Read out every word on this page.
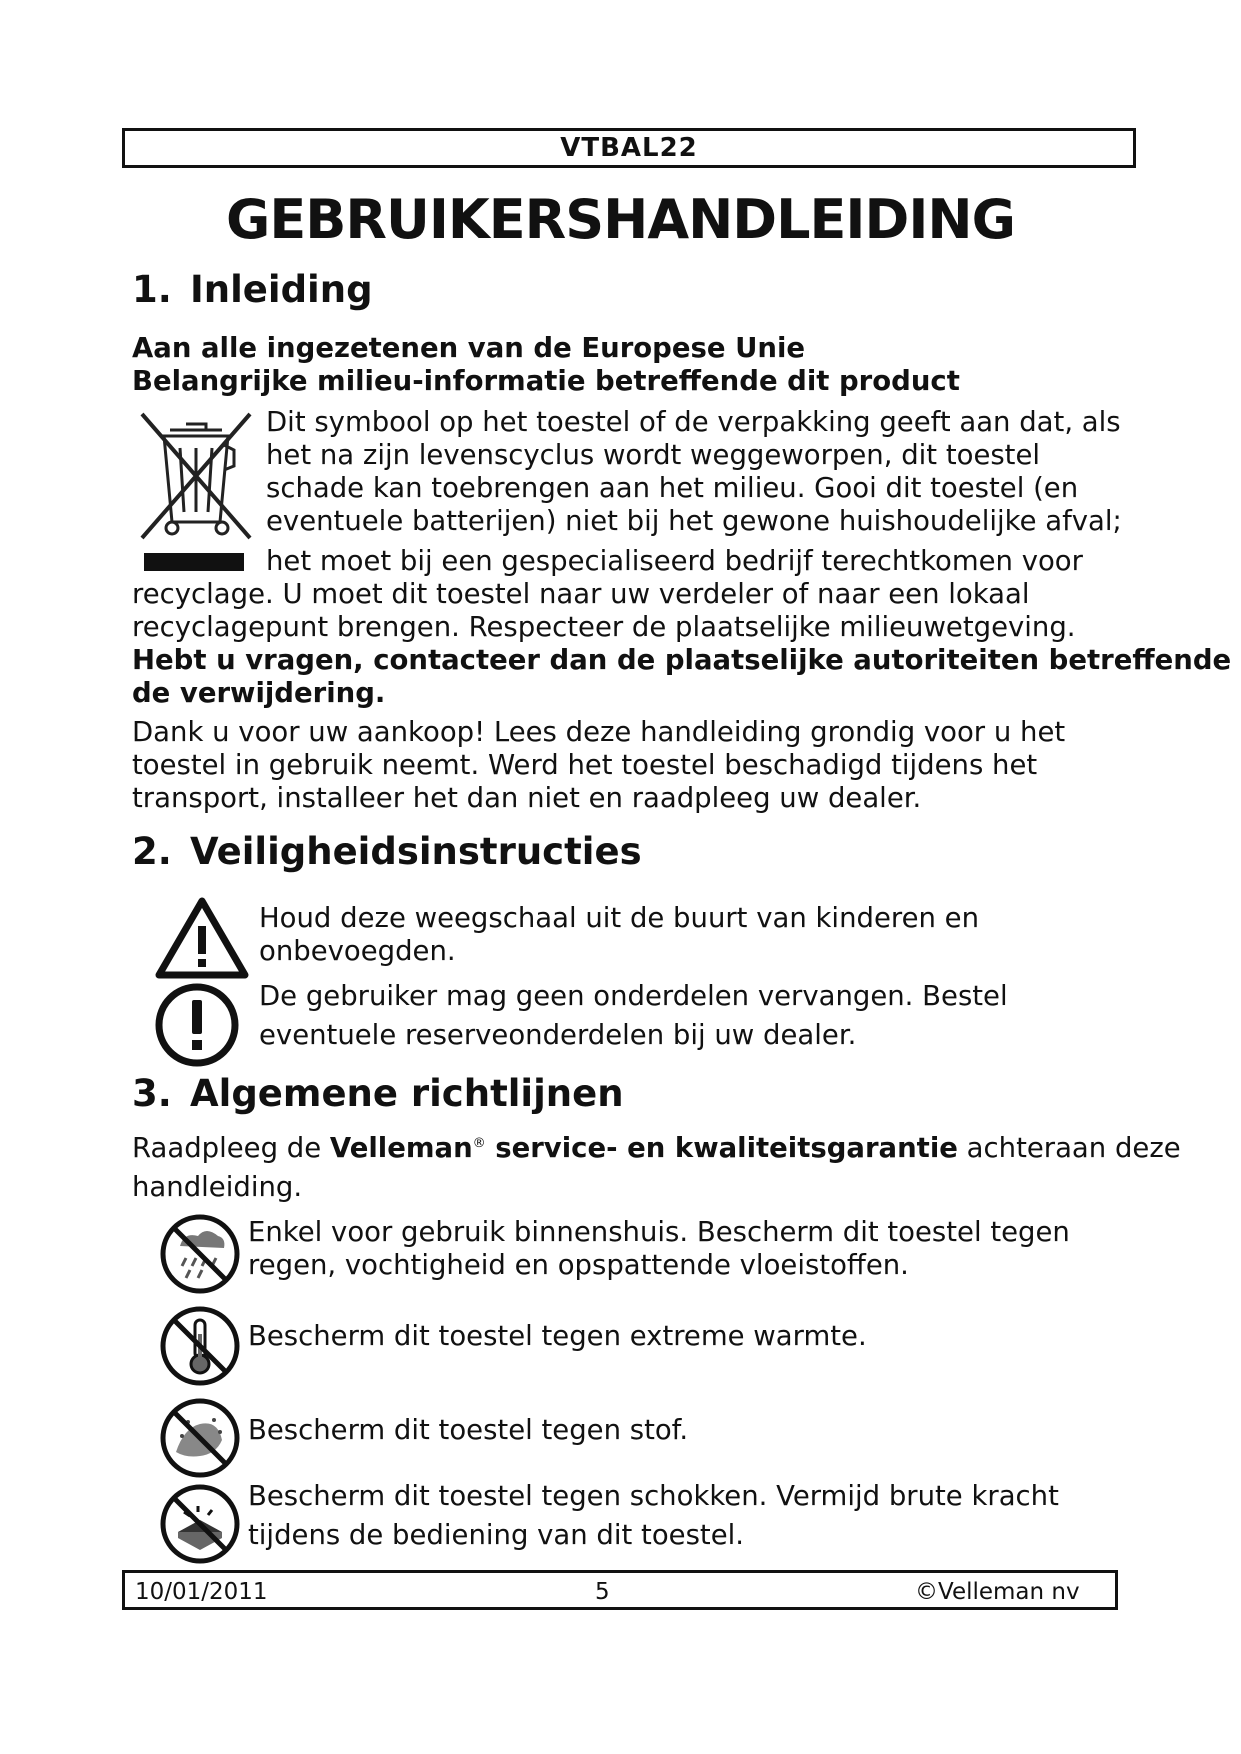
VTBAL22
GEBRUIKERSHANDLEIDING
1. Inleiding
Aan alle ingezetenen van de Europese Unie
Belangrijke milieu-informatie betreffende dit product
Dit symbool op het toestel of de verpakking geeft aan dat, als
het na zijn levenscyclus wordt weggeworpen, dit toestel
schade kan toebrengen aan het milieu. Gooi dit toestel (en
eventuele batterijen) niet bij het gewone huishoudelijke afval;
het moet bij een gespecialiseerd bedrijf terechtkomen voor
recyclage. U moet dit toestel naar uw verdeler of naar een lokaal
recyclagepunt brengen. Respecteer de plaatselijke milieuwetgeving.
Hebt u vragen, contacteer dan de plaatselijke autoriteiten betreffende
de verwijdering.
Dank u voor uw aankoop! Lees deze handleiding grondig voor u het
toestel in gebruik neemt. Werd het toestel beschadigd tijdens het
transport, installeer het dan niet en raadpleeg uw dealer.
2. Veiligheidsinstructies
Houd deze weegschaal uit de buurt van kinderen en
onbevoegden.
De gebruiker mag geen onderdelen vervangen. Bestel
eventuele reserveonderdelen bij uw dealer.
3. Algemene richtlijnen
Raadpleeg de Velleman® service- en kwaliteitsgarantie achteraan deze
handleiding.
Enkel voor gebruik binnenshuis. Bescherm dit toestel tegen
regen, vochtigheid en opspattende vloeistoffen.
Bescherm dit toestel tegen extreme warmte.
Bescherm dit toestel tegen stof.
Bescherm dit toestel tegen schokken. Vermijd brute kracht
tijdens de bediening van dit toestel.
10/01/2011	5	©Velleman nv
